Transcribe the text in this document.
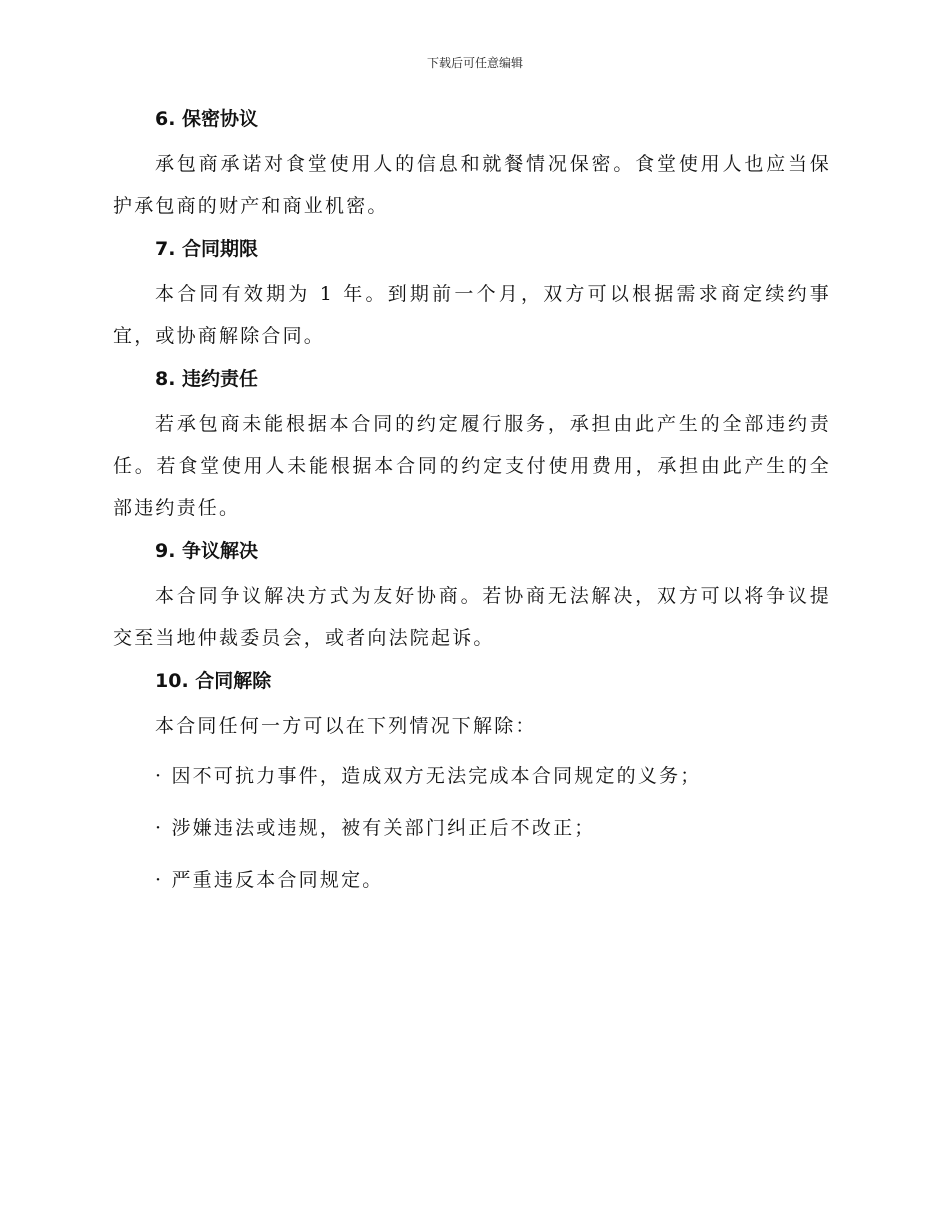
下载后可任意编辑
6. 保密协议

承包商承诺对食堂使用人的信息和就餐情况保密。食堂使用人也应当保护承包商的财产和商业机密。

7. 合同期限

本合同有效期为 1 年。到期前一个月，双方可以根据需求商定续约事宜，或协商解除合同。

8. 违约责任

若承包商未能根据本合同的约定履行服务，承担由此产生的全部违约责任。若食堂使用人未能根据本合同的约定支付使用费用，承担由此产生的全部违约责任。

9. 争议解决

本合同争议解决方式为友好协商。若协商无法解决，双方可以将争议提交至当地仲裁委员会，或者向法院起诉。

10. 合同解除

本合同任何一方可以在下列情况下解除：

· 因不可抗力事件，造成双方无法完成本合同规定的义务；
· 涉嫌违法或违规，被有关部门纠正后不改正；
· 严重违反本合同规定。
